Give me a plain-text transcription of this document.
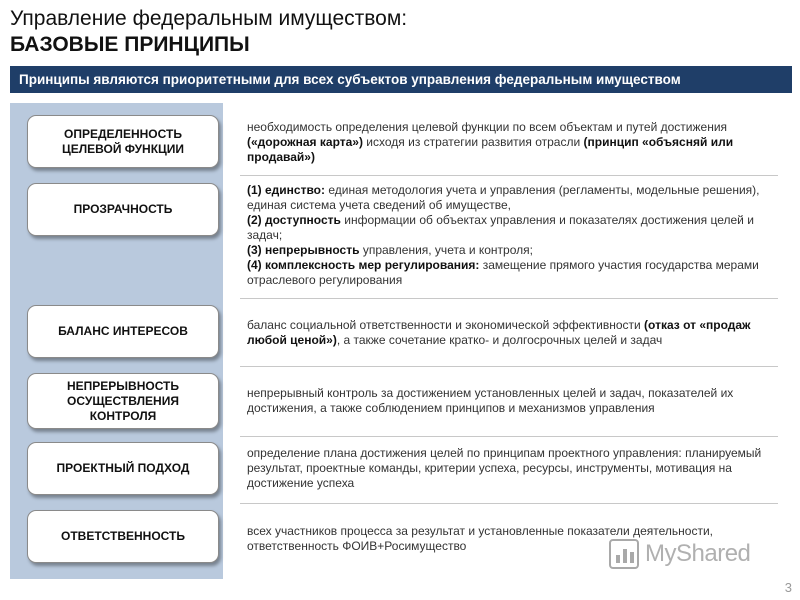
Управление федеральным имуществом:
БАЗОВЫЕ ПРИНЦИПЫ
Принципы являются приоритетными для всех субъектов управления федеральным имуществом
ОПРЕДЕЛЕННОСТЬ
ЦЕЛЕВОЙ ФУНКЦИИ
ПРОЗРАЧНОСТЬ
БАЛАНС ИНТЕРЕСОВ
НЕПРЕРЫВНОСТЬ
ОСУЩЕСТВЛЕНИЯ
КОНТРОЛЯ
ПРОЕКТНЫЙ ПОДХОД
ОТВЕТСТВЕННОСТЬ
необходимость определения целевой функции по всем объектам и путей достижения («дорожная карта») исходя из стратегии развития отрасли (принцип «объясняй или продавай»)
(1) единство: единая методология учета и управления (регламенты, модельные решения), единая система учета сведений об имуществе,
(2) доступность информации об объектах управления и показателях достижения целей и задач;
(3) непрерывность управления, учета и контроля;
(4) комплексность мер регулирования: замещение прямого участия государства мерами отраслевого регулирования
баланс социальной ответственности и экономической эффективности (отказ от «продаж любой ценой»), а также сочетание кратко- и долгосрочных целей и задач
непрерывный контроль за достижением установленных целей и задач, показателей их достижения, а также соблюдением принципов и механизмов управления
определение плана достижения целей по принципам проектного управления: планируемый результат, проектные команды, критерии успеха, ресурсы, инструменты, мотивация на достижение успеха
всех участников процесса за результат и установленные показатели деятельности, ответственность ФОИВ+Росимущество	MyShared
3
